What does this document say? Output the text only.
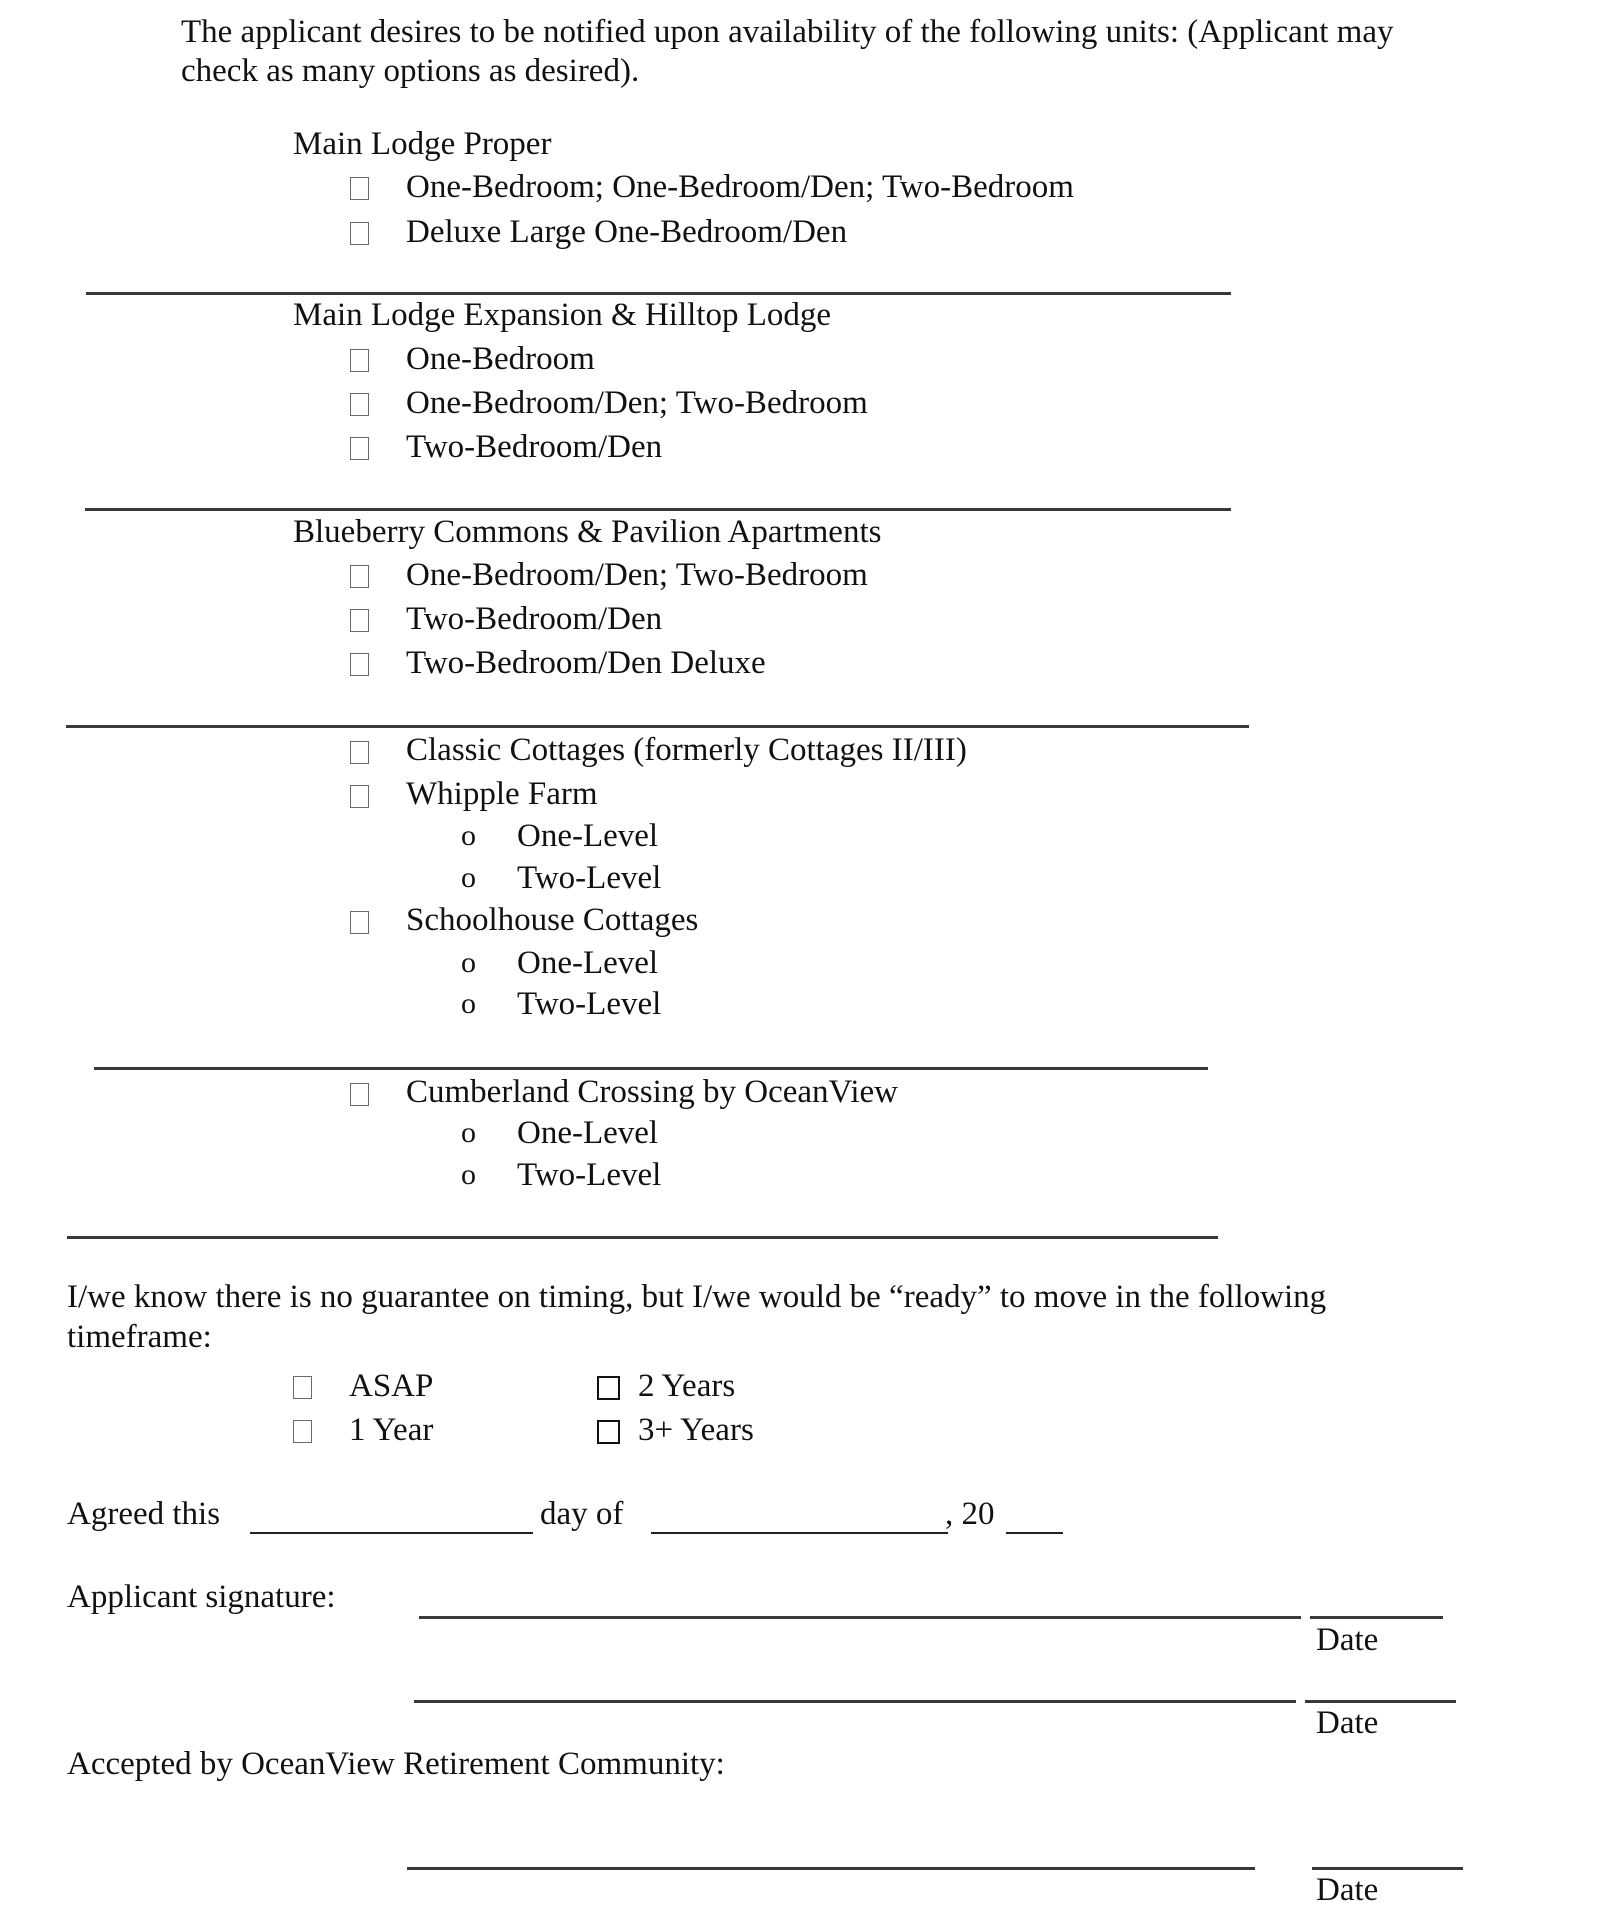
The applicant desires to be notified upon availability of the following units: (Applicant may
check as many options as desired).
Main Lodge Proper
One-Bedroom; One-Bedroom/Den; Two-Bedroom
Deluxe Large One-Bedroom/Den
Main Lodge Expansion & Hilltop Lodge
One-Bedroom
One-Bedroom/Den; Two-Bedroom
Two-Bedroom/Den
Blueberry Commons & Pavilion Apartments
One-Bedroom/Den; Two-Bedroom
Two-Bedroom/Den
Two-Bedroom/Den Deluxe
Classic Cottages (formerly Cottages II/III)
Whipple Farm
o One-Level
o Two-Level
Schoolhouse Cottages
o One-Level
o Two-Level
Cumberland Crossing by OceanView
o One-Level
o Two-Level
I/we know there is no guarantee on timing, but I/we would be “ready” to move in the following
timeframe:
ASAP
1 Year
2 Years
3+ Years
Agreed this	day of	, 20
Applicant signature:
Date
Date
Accepted by OceanView Retirement Community:
Date
